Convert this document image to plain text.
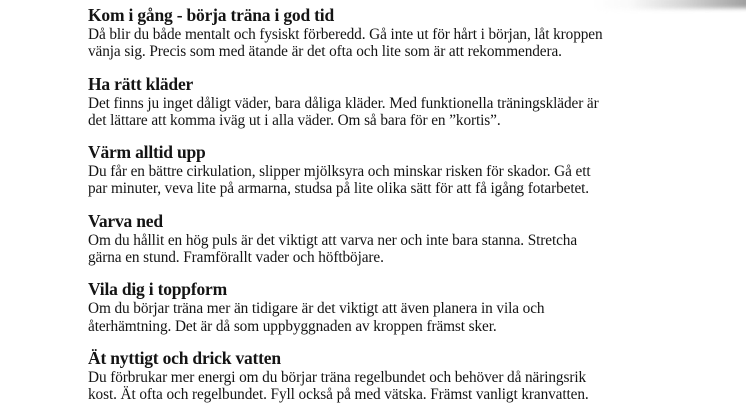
Kom i gång - börja träna i god tid

Då blir du både mentalt och fysiskt förberedd. Gå inte ut för hårt i början, låt kroppen

vänja sig. Precis som med ätande är det ofta och lite som är att rekommendera.

Ha rätt kläder

Det finns ju inget dåligt väder, bara dåliga kläder. Med funktionella träningskläder är

det lättare att komma iväg ut i alla väder. Om så bara för en ”kortis”.

Värm alltid upp

Du får en bättre cirkulation, slipper mjölksyra och minskar risken för skador. Gå ett

par minuter, veva lite på armarna, studsa på lite olika sätt för att få igång fotarbetet.

Varva ned

Om du hållit en hög puls är det viktigt att varva ner och inte bara stanna. Stretcha

gärna en stund. Framförallt vader och höftböjare.

Vila dig i toppform

Om du börjar träna mer än tidigare är det viktigt att även planera in vila och

återhämtning. Det är då som uppbyggnaden av kroppen främst sker.

Ät nyttigt och drick vatten

Du förbrukar mer energi om du börjar träna regelbundet och behöver då näringsrik

kost. Ät ofta och regelbundet. Fyll också på med vätska. Främst vanligt kranvatten.
